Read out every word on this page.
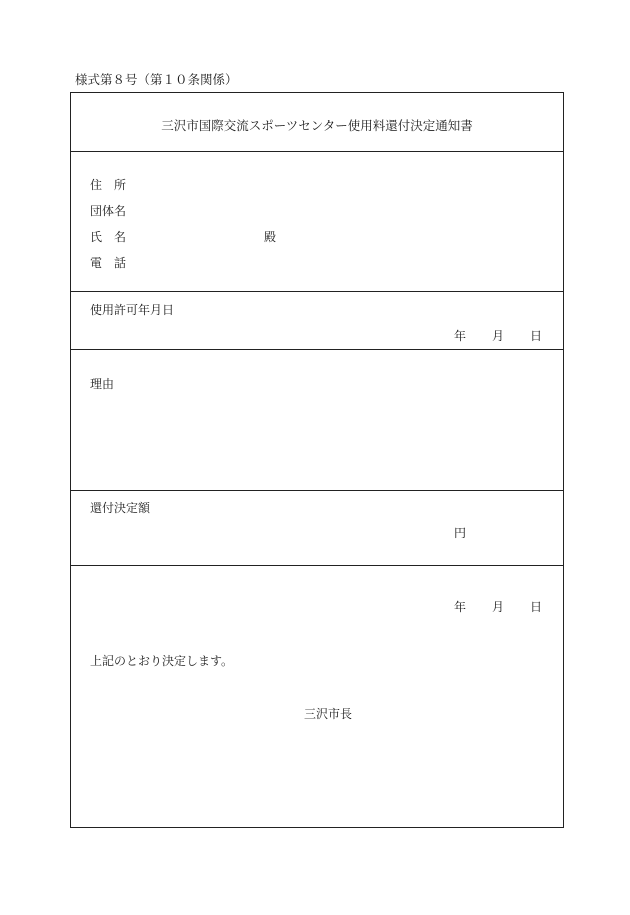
様式第８号（第１０条関係）
三沢市国際交流スポーツセンター使用料還付決定通知書
住　所
団体名
氏　名	殿
電　話
使用許可年月日
年 月 日
理由
還付決定額
円
年 月 日
上記のとおり決定します。
三沢市長
